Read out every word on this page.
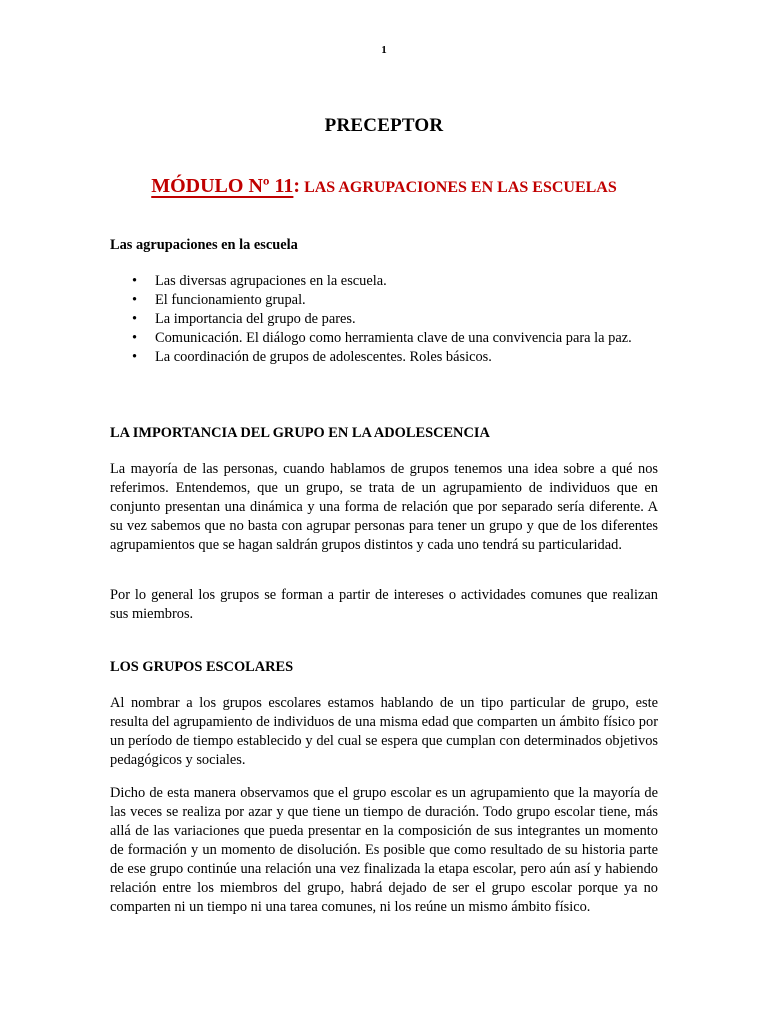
1
PRECEPTOR
MÓDULO Nº 11: LAS AGRUPACIONES EN LAS ESCUELAS
Las agrupaciones en la escuela
• Las diversas agrupaciones en la escuela.
• El funcionamiento grupal.
• La importancia del grupo de pares.
• Comunicación. El diálogo como herramienta clave de una convivencia para la paz.
• La coordinación de grupos de adolescentes. Roles básicos.
LA IMPORTANCIA DEL GRUPO EN LA ADOLESCENCIA

La mayoría de las personas, cuando hablamos de grupos tenemos una idea sobre a qué nos referimos. Entendemos, que un grupo, se trata de un agrupamiento de individuos que en conjunto presentan una dinámica y una forma de relación que por separado sería diferente. A su vez sabemos que no basta con agrupar personas para tener un grupo y que de los diferentes agrupamientos que se hagan saldrán grupos distintos y cada uno tendrá su particularidad.

Por lo general los grupos se forman a partir de intereses o actividades comunes que realizan sus miembros.

LOS GRUPOS ESCOLARES

Al nombrar a los grupos escolares estamos hablando de un tipo particular de grupo, este resulta del agrupamiento de individuos de una misma edad que comparten un ámbito físico por un período de tiempo establecido y del cual se espera que cumplan con determinados objetivos pedagógicos y sociales.

Dicho de esta manera observamos que el grupo escolar es un agrupamiento que la mayoría de las veces se realiza por azar y que tiene un tiempo de duración. Todo grupo escolar tiene, más allá de las variaciones que pueda presentar en la composición de sus integrantes un momento de formación y un momento de disolución. Es posible que como resultado de su historia parte de ese grupo continúe una relación una vez finalizada la etapa escolar, pero aún así y habiendo relación entre los miembros del grupo, habrá dejado de ser el grupo escolar porque ya no comparten ni un tiempo ni una tarea comunes, ni los reúne un mismo ámbito físico.
